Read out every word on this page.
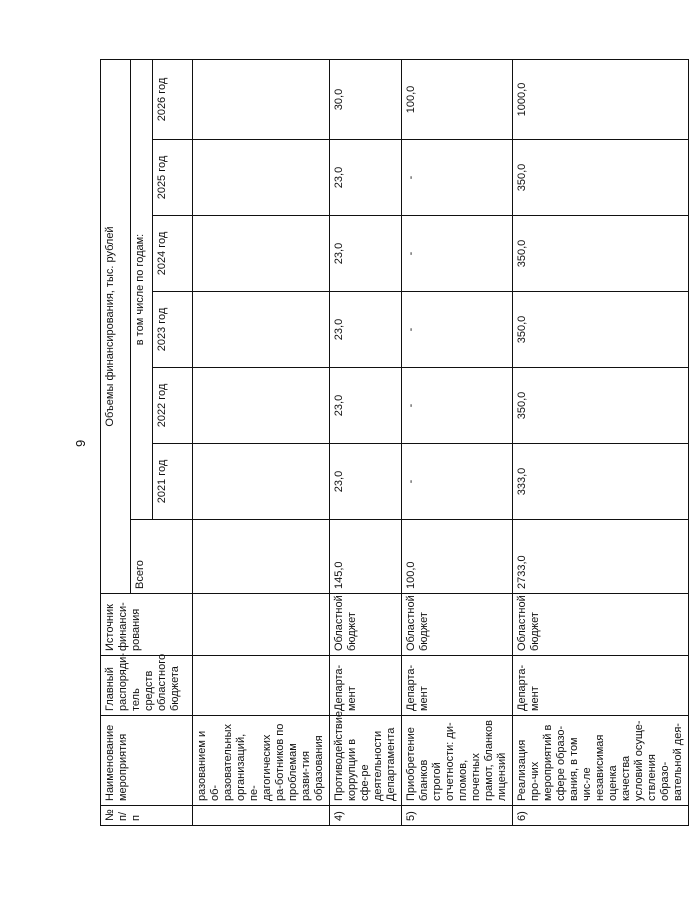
9
№ п/п	Наименование мероприятия	Главный распоряди-тель средств областного бюджета	Источник финанси-рования	Объемы финансирования, тыс. рублей						
				Всего	в том числе по годам:					
					2021 год	2022 год	2023 год	2024 год	2025 год	2026 год
	разованием и об-разовательных организаций, пе-дагогических ра-ботников по проблемам разви-тия образования									
4)	Противодействие коррупции в сфе-ре деятельности Департамента	Департа-мент	Областной бюджет	145,0	23,0	23,0	23,0	23,0	23,0	30,0
5)	Приобретение бланков строгой отчетности: ди-пломов, почетных грамот, бланков лицензий	Департа-мент	Областной бюджет	100,0	-	-	-	-	-	100,0
6)	Реализация про-чих мероприятий в сфере образо-вания, в том чис-ле независимая оценка качества условий осуще-ствления образо-вательной дея-	Департа-мент	Областной бюджет	2733,0	333,0	350,0	350,0	350,0	350,0	1000,0
